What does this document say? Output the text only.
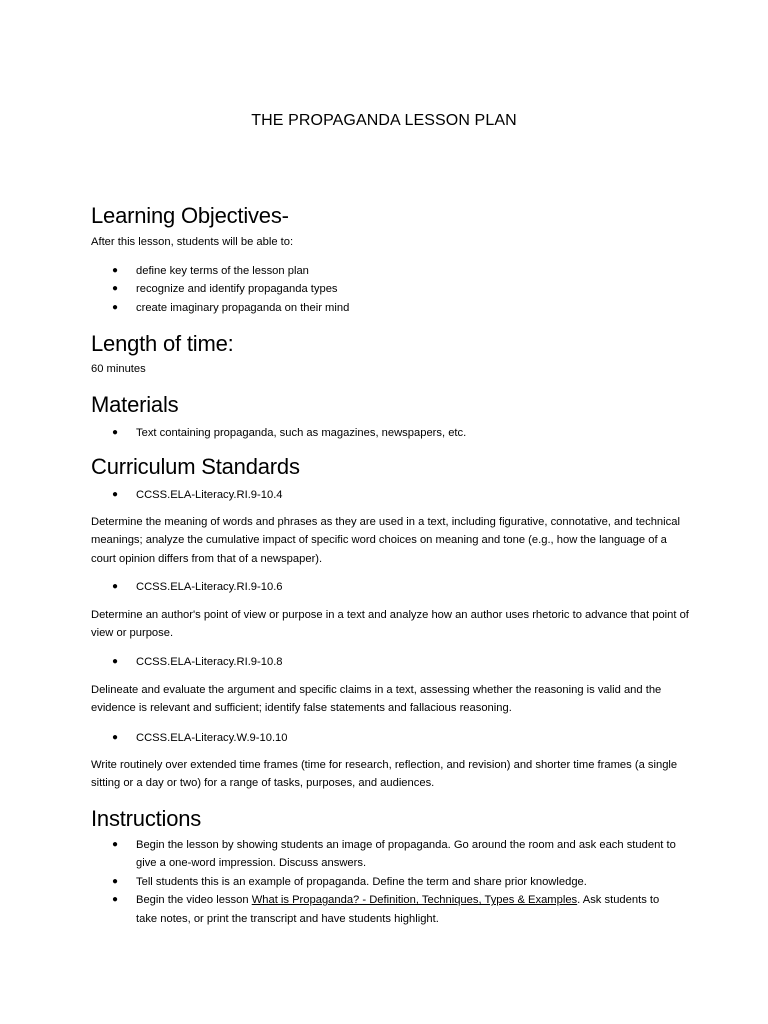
THE PROPAGANDA LESSON PLAN
Learning Objectives-

After this lesson, students will be able to:

●	define key terms of the lesson plan
●	recognize and identify propaganda types
●	create imaginary propaganda on their mind
Length of time:

60 minutes

Materials
●	Text containing propaganda, such as magazines, newspapers, etc.
Curriculum Standards
●	CCSS.ELA-Literacy.RI.9-10.4

Determine the meaning of words and phrases as they are used in a text, including figurative, connotative, and technical meanings; analyze the cumulative impact of specific word choices on meaning and tone (e.g., how the language of a court opinion differs from that of a newspaper).

●	CCSS.ELA-Literacy.RI.9-10.6

Determine an author's point of view or purpose in a text and analyze how an author uses rhetoric to advance that point of view or purpose.

●	CCSS.ELA-Literacy.RI.9-10.8

Delineate and evaluate the argument and specific claims in a text, assessing whether the reasoning is valid and the evidence is relevant and sufficient; identify false statements and fallacious reasoning.

●	CCSS.ELA-Literacy.W.9-10.10

Write routinely over extended time frames (time for research, reflection, and revision) and shorter time frames (a single sitting or a day or two) for a range of tasks, purposes, and audiences.

Instructions
●	Begin the lesson by showing students an image of propaganda. Go around the room and ask each student to give a one-word impression. Discuss answers.
●	Tell students this is an example of propaganda. Define the term and share prior knowledge.
●	Begin the video lesson What is Propaganda? - Definition, Techniques, Types & Examples. Ask students to take notes, or print the transcript and have students highlight.
